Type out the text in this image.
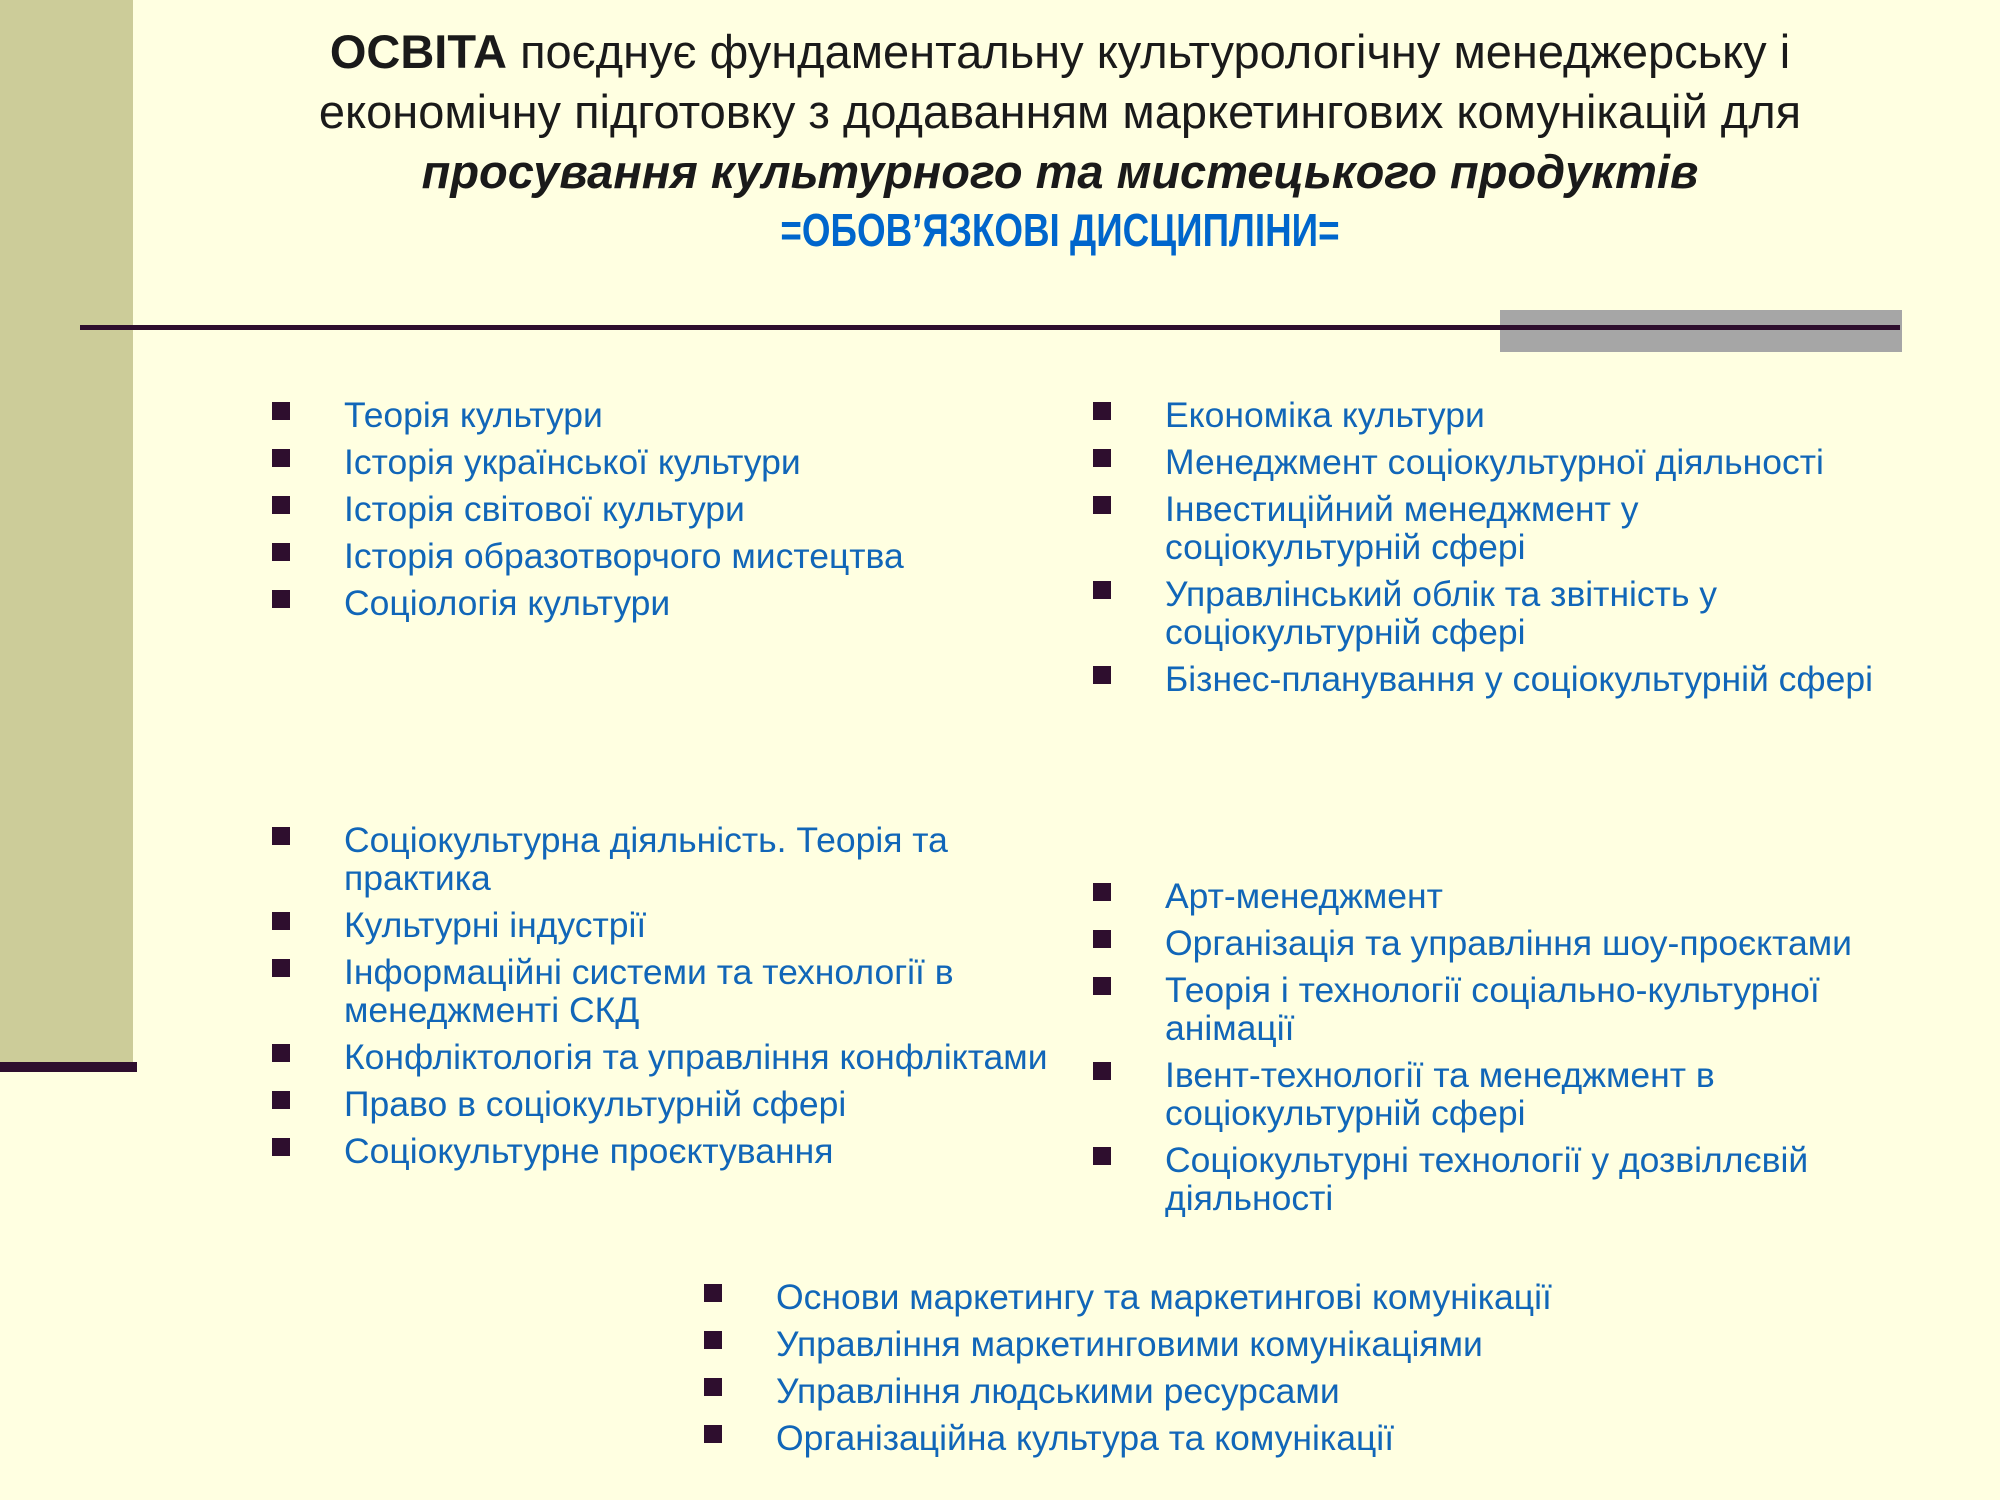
ОСВІТА поєднує фундаментальну культурологічну менеджерську і економічну підготовку з додаванням маркетингових комунікацій для просування культурного та мистецького продуктів
=ОБОВ’ЯЗКОВІ ДИСЦИПЛІНИ=
Теорія культури
Історія української культури
Історія світової культури
Історія образотворчого мистецтва
Соціологія культури
Економіка культури
Менеджмент соціокультурної діяльності
Інвестиційний менеджмент у соціокультурній сфері
Управлінський облік та звітність у соціокультурній сфері
Бізнес-планування у соціокультурній сфері
Соціокультурна діяльність. Теорія та практика
Культурні індустрії
Інформаційні системи та технології в менеджменті СКД
Конфліктологія та управління конфліктами
Право в соціокультурній сфері
Соціокультурне проєктування
Арт-менеджмент
Організація та управління шоу-проєктами
Теорія і технології соціально-культурної анімації
Івент-технології та менеджмент в соціокультурній сфері
Соціокультурні технології у дозвіллєвій діяльності
Основи маркетингу та маркетингові комунікації
Управління маркетинговими комунікаціями
Управління людськими ресурсами
Організаційна культура та комунікації
